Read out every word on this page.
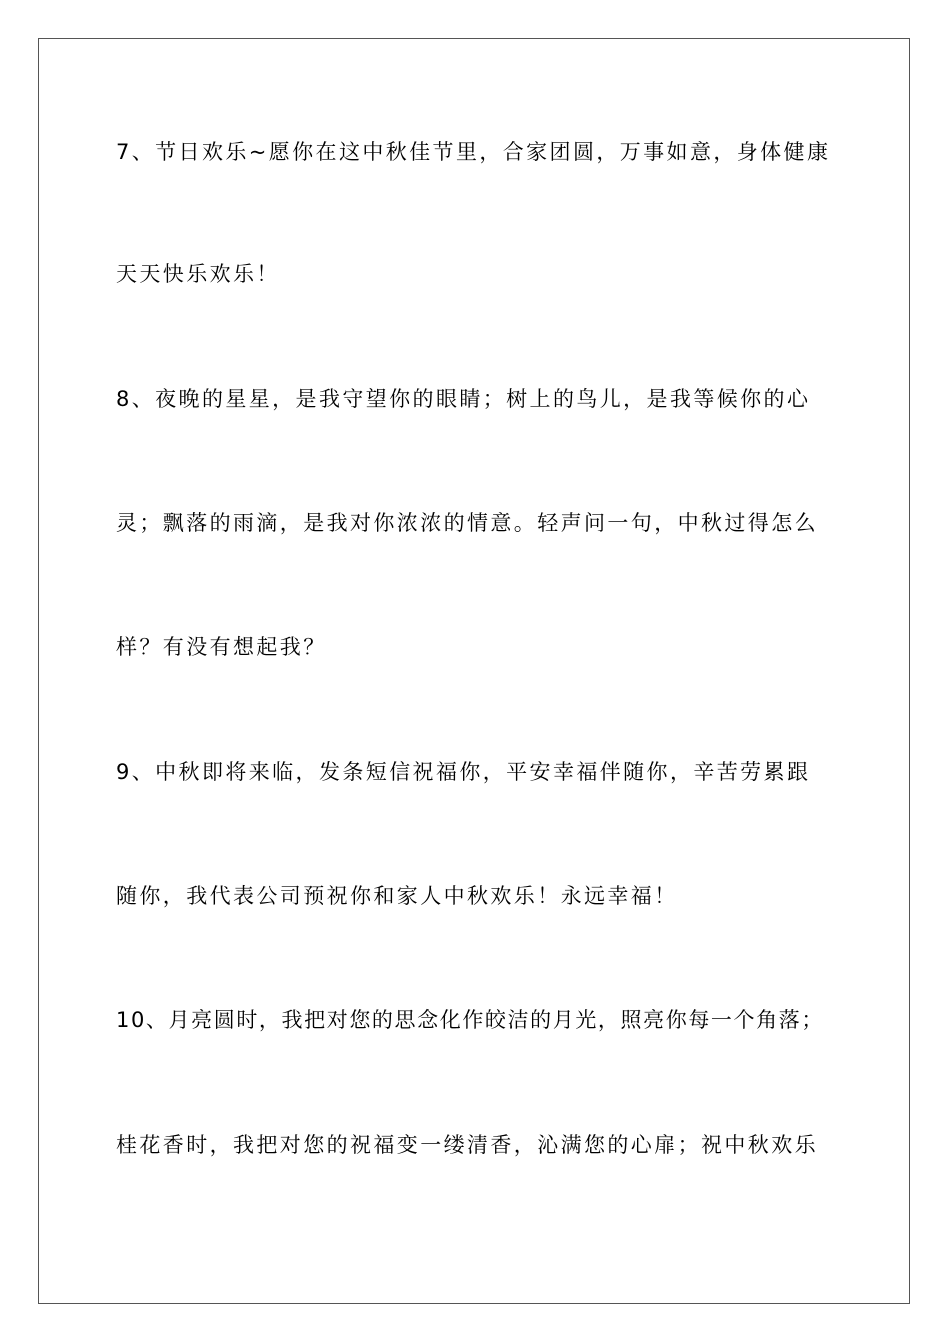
7、节日欢乐~愿你在这中秋佳节里，合家团圆，万事如意，身体健康
天天快乐欢乐！
8、夜晚的星星，是我守望你的眼睛；树上的鸟儿，是我等候你的心
灵；飘落的雨滴，是我对你浓浓的情意。轻声问一句，中秋过得怎么
样？有没有想起我？
9、中秋即将来临，发条短信祝福你，平安幸福伴随你，辛苦劳累跟
随你，我代表公司预祝你和家人中秋欢乐！永远幸福！
10、月亮圆时，我把对您的思念化作皎洁的月光，照亮你每一个角落；
桂花香时，我把对您的祝福变一缕清香，沁满您的心扉；祝中秋欢乐
